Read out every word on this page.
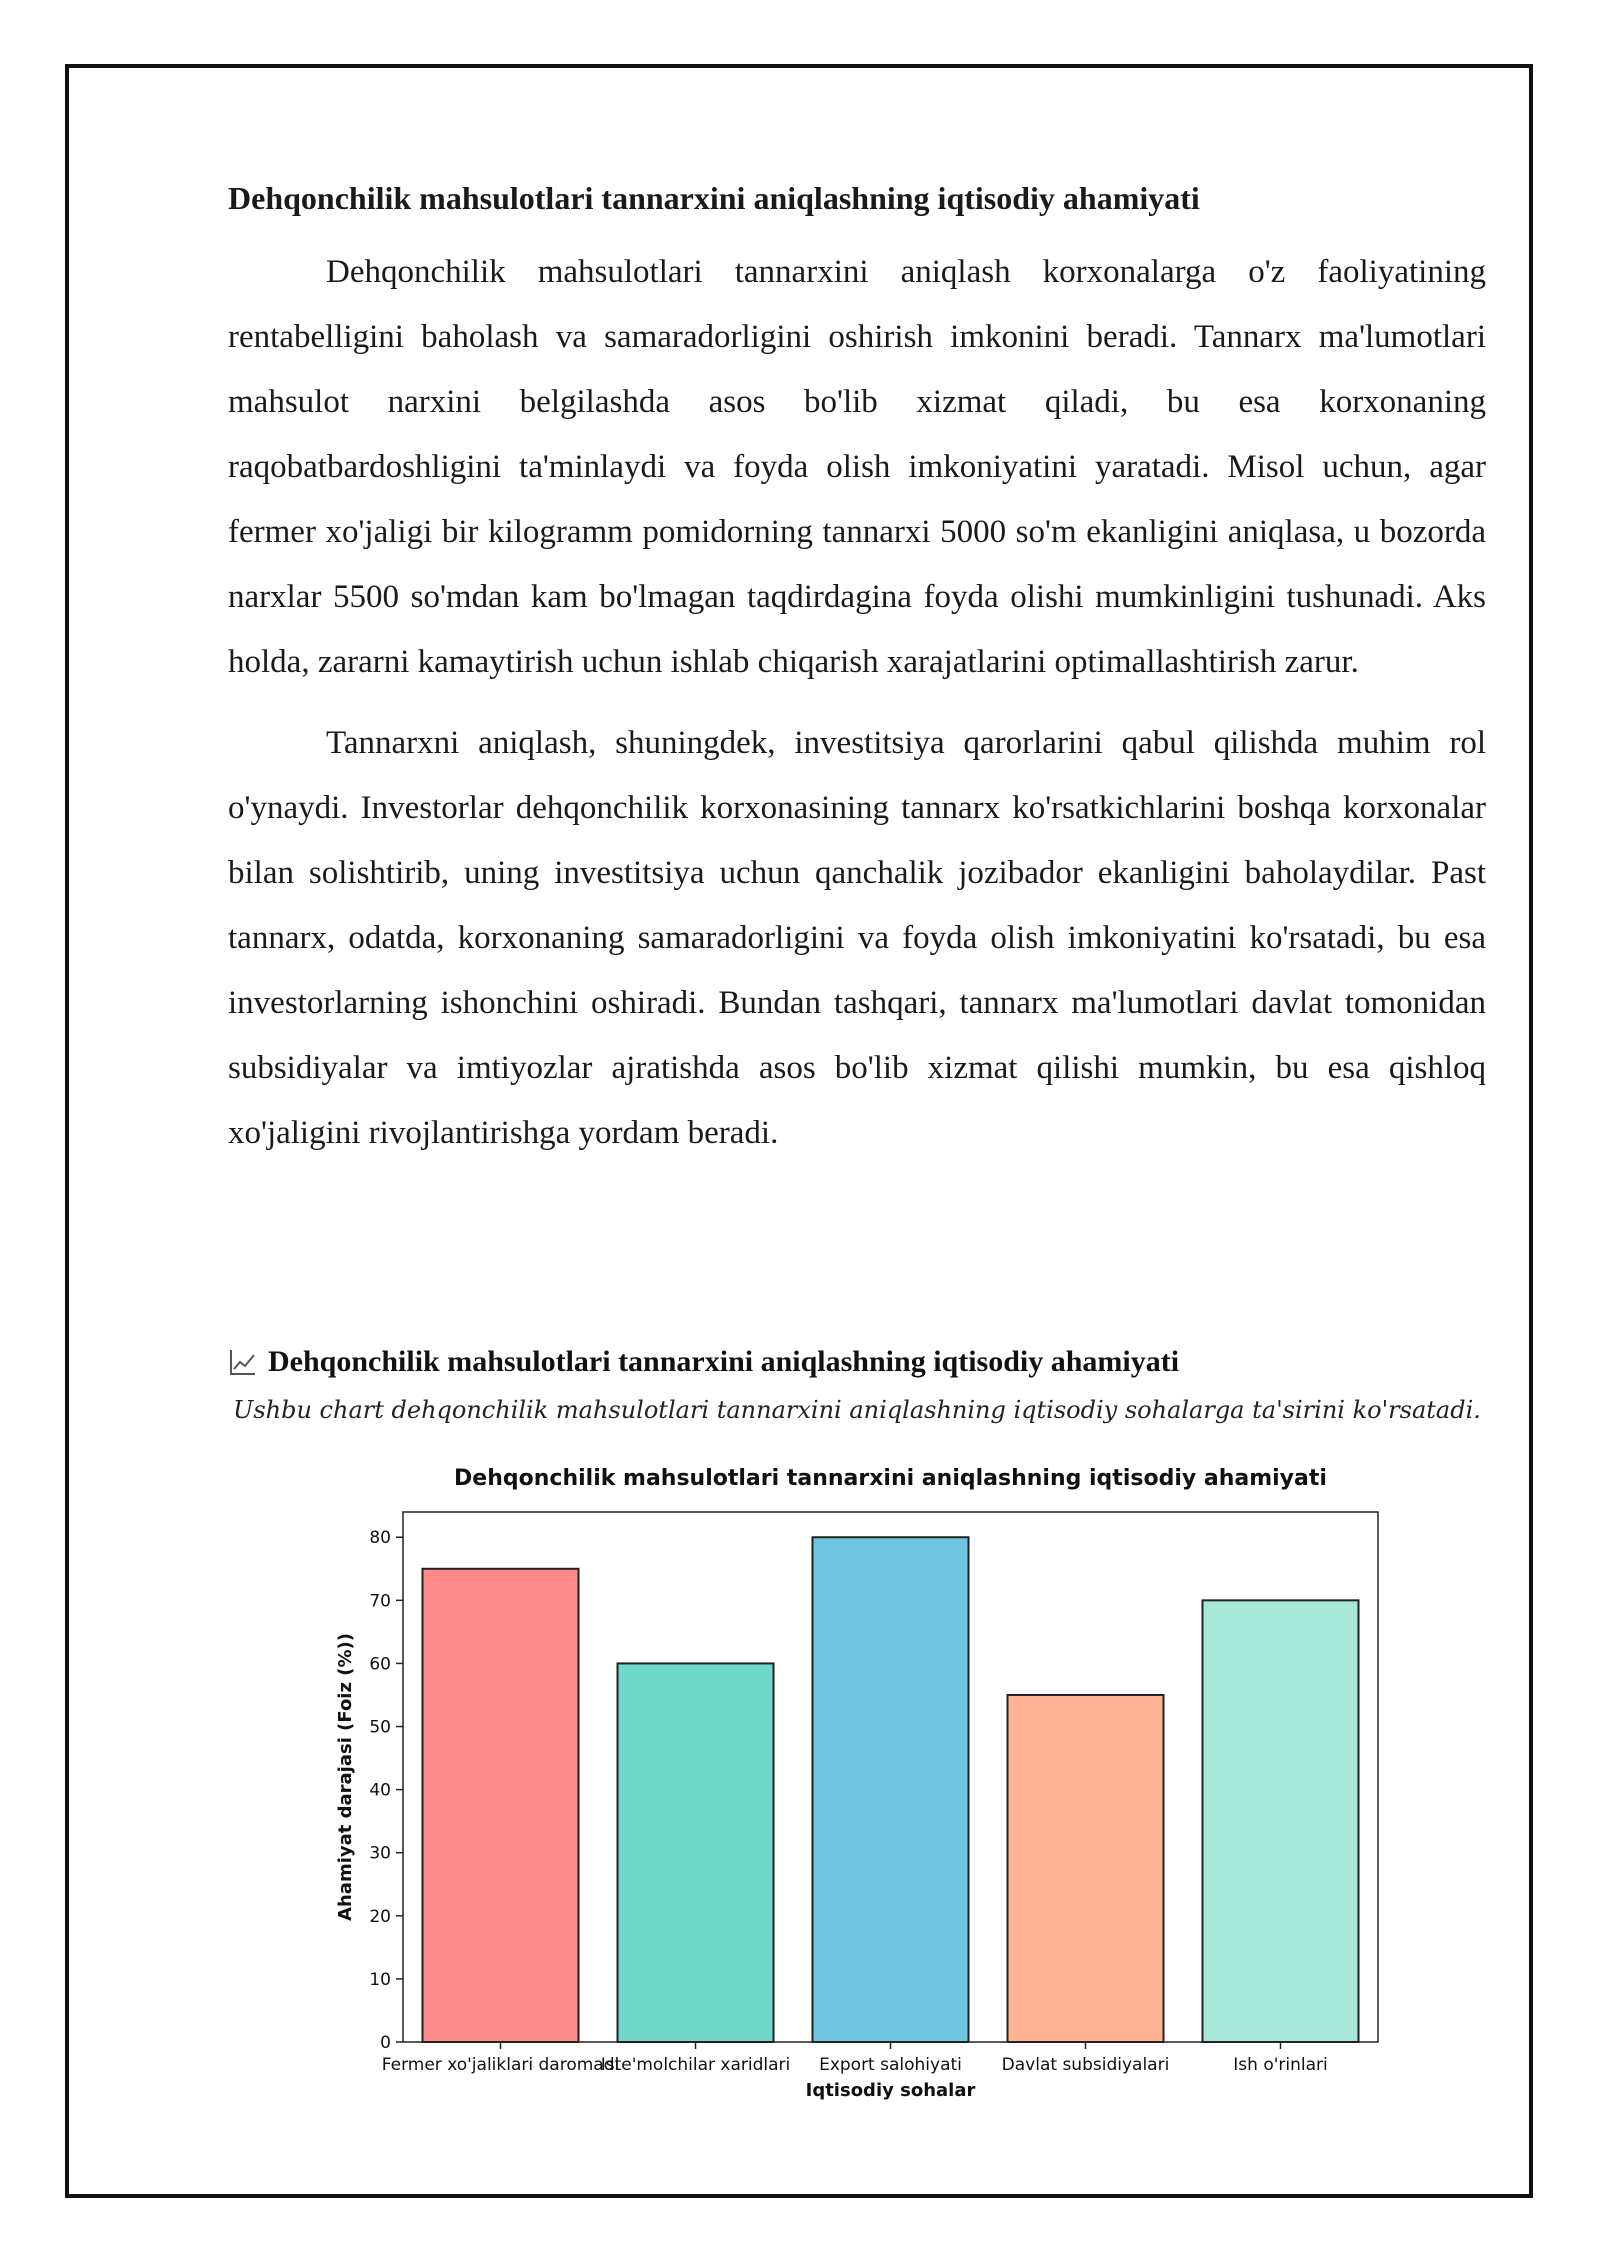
Dehqonchilik mahsulotlari tannarxini aniqlashning iqtisodiy ahamiyati

Dehqonchilik mahsulotlari tannarxini aniqlash korxonalarga o'z faoliyatining rentabelligini baholash va samaradorligini oshirish imkonini beradi. Tannarx ma'lumotlari mahsulot narxini belgilashda asos bo'lib xizmat qiladi, bu esa korxonaning raqobatbardoshligini ta'minlaydi va foyda olish imkoniyatini yaratadi. Misol uchun, agar fermer xo'jaligi bir kilogramm pomidorning tannarxi 5000 so'm ekanligini aniqlasa, u bozorda narxlar 5500 so'mdan kam bo'lmagan taqdirdagina foyda olishi mumkinligini tushunadi. Aks holda, zararni kamaytirish uchun ishlab chiqarish xarajatlarini optimallashtirish zarur.

Tannarxni aniqlash, shuningdek, investitsiya qarorlarini qabul qilishda muhim rol o'ynaydi. Investorlar dehqonchilik korxonasining tannarx ko'rsatkichlarini boshqa korxonalar bilan solishtirib, uning investitsiya uchun qanchalik jozibador ekanligini baholaydilar. Past tannarx, odatda, korxonaning samaradorligini va foyda olish imkoniyatini ko'rsatadi, bu esa investorlarning ishonchini oshiradi. Bundan tashqari, tannarx ma'lumotlari davlat tomonidan subsidiyalar va imtiyozlar ajratishda asos bo'lib xizmat qilishi mumkin, bu esa qishloq xo'jaligini rivojlantirishga yordam beradi.

Dehqonchilik mahsulotlari tannarxini aniqlashning iqtisodiy ahamiyati
Ushbu chart dehqonchilik mahsulotlari tannarxini aniqlashning iqtisodiy sohalarga ta'sirini ko'rsatadi.
Dehqonchilik mahsulotlari tannarxini aniqlashning iqtisodiy ahamiyati
0
10
20
30
40
50
60
70
80
Fermer xo'jaliklari daromadi
Iste'molchilar xaridlari Export salohiyati Davlat subsidiyalari	Ish o'rinlari
Iqtisodiy sohalar
Ahamiyat darajasi (Foiz (%))
